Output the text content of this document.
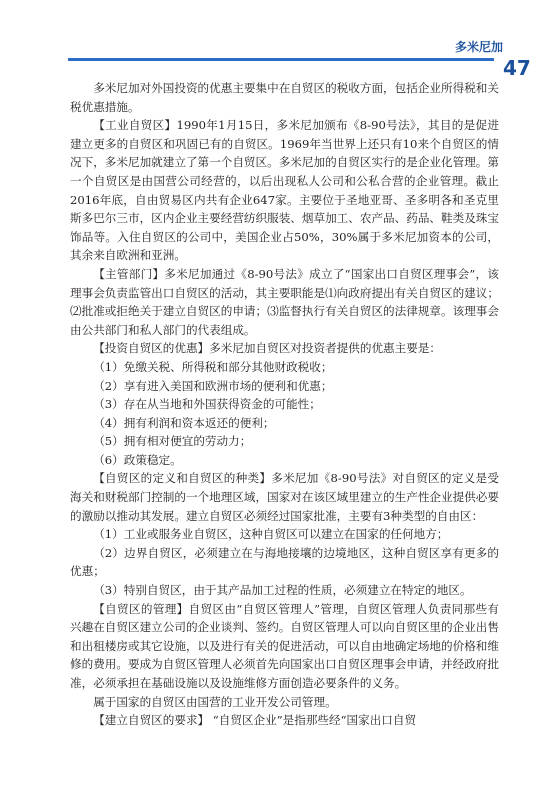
多米尼加
47

多米尼加对外国投资的优惠主要集中在自贸区的税收方面，包括企业所得税和关税优惠措施。

【工业自贸区】1990年1月15日，多米尼加颁布《8-90号法》，其目的是促进建立更多的自贸区和巩固已有的自贸区。1969年当世界上还只有10来个自贸区的情况下，多米尼加就建立了第一个自贸区。多米尼加的自贸区实行的是企业化管理。第一个自贸区是由国营公司经营的，以后出现私人公司和公私合营的企业管理。截止2016年底，自由贸易区内共有企业647家。主要位于圣地亚哥、圣多明各和圣克里斯多巴尔三市，区内企业主要经营纺织服装、烟草加工、农产品、药品、鞋类及珠宝饰品等。入住自贸区的公司中，美国企业占50%，30%属于多米尼加资本的公司，其余来自欧洲和亚洲。

【主管部门】多米尼加通过《8-90号法》成立了“国家出口自贸区理事会”，该理事会负责监管出口自贸区的活动，其主要职能是⑴向政府提出有关自贸区的建议；⑵批准或拒绝关于建立自贸区的申请；⑶监督执行有关自贸区的法律规章。该理事会由公共部门和私人部门的代表组成。

【投资自贸区的优惠】多米尼加自贸区对投资者提供的优惠主要是：

（1）免缴关税、所得税和部分其他财政税收；

（2）享有进入美国和欧洲市场的便利和优惠；

（3）存在从当地和外国获得资金的可能性；

（4）拥有利润和资本返还的便利；

（5）拥有相对便宜的劳动力；

（6）政策稳定。

【自贸区的定义和自贸区的种类】多米尼加《8-90号法》对自贸区的定义是受海关和财税部门控制的一个地理区域，国家对在该区域里建立的生产性企业提供必要的激励以推动其发展。建立自贸区必须经过国家批准，主要有3种类型的自由区：

（1）工业或服务业自贸区，这种自贸区可以建立在国家的任何地方；

（2）边界自贸区，必须建立在与海地接壤的边境地区，这种自贸区享有更多的优惠；

（3）特别自贸区，由于其产品加工过程的性质，必须建立在特定的地区。

【自贸区的管理】自贸区由“自贸区管理人”管理，自贸区管理人负责同那些有兴趣在自贸区建立公司的企业谈判、签约。自贸区管理人可以向自贸区里的企业出售和出租楼房或其它设施，以及进行有关的促进活动，可以自由地确定场地的价格和维修的费用。要成为自贸区管理人必须首先向国家出口自贸区理事会申请，并经政府批准，必须承担在基础设施以及设施维修方面创造必要条件的义务。

属于国家的自贸区由国营的工业开发公司管理。

【建立自贸区的要求】 “自贸区企业”是指那些经“国家出口自贸
